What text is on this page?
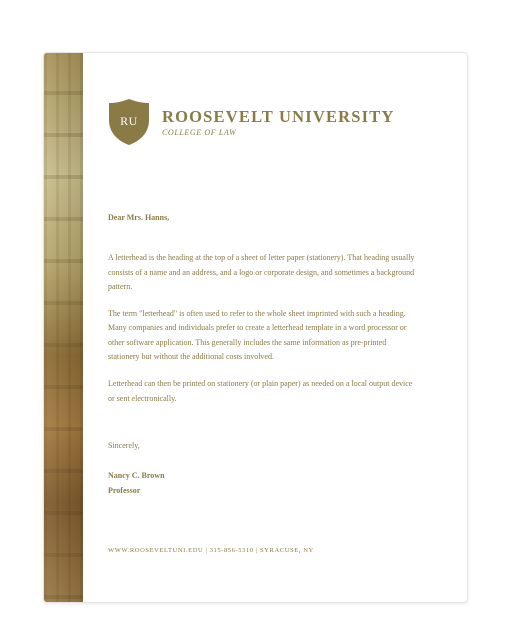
RU ROOSEVELT UNIVERSITY
COLLEGE OF LAW

Dear Mrs. Hanns,

A letterhead is the heading at the top of a sheet of letter paper (stationery). That heading usually consists of a name and an address, and a logo or corporate design, and sometimes a background pattern.

The term "letterhead" is often used to refer to the whole sheet imprinted with such a heading. Many companies and individuals prefer to create a letterhead template in a word processor or other software application. This generally includes the same information as pre-printed stationery but without the additional costs involved.

Letterhead can then be printed on stationery (or plain paper) as needed on a local output device or sent electronically.

Sincerely,

Nancy C. Brown

Professor

WWW.ROOSEVELTUNI.EDU | 315-856-5310 | SYRACUSE, NY
